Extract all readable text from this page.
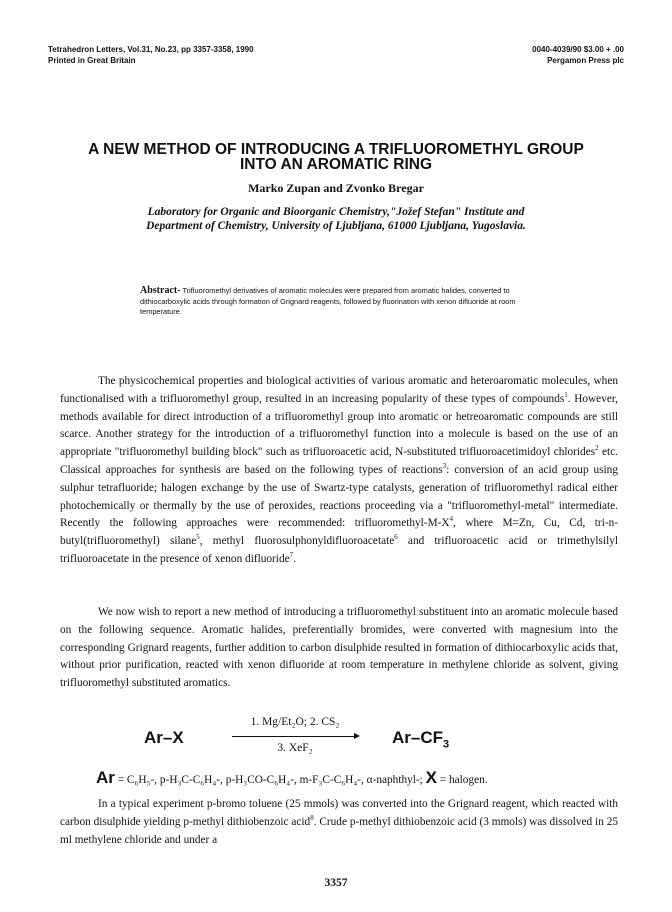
Tetrahedron Letters, Vol.31, No.23, pp 3357-3358, 1990
Printed in Great Britain
0040-4039/90 $3.00 + .00
Pergamon Press plc
A NEW METHOD OF INTRODUCING A TRIFLUOROMETHYL GROUP
INTO AN AROMATIC RING
Marko Zupan and Zvonko Bregar
Laboratory for Organic and Bioorganic Chemistry,"Jožef Stefan" Institute and
Department of Chemistry, University of Ljubljana, 61000 Ljubljana, Yugoslavia.
Abstract- Trifluoromethyl derivatives of aromatic molecules were prepared from aromatic halides, converted to dithiocarboxylic acids through formation of Grignard reagents, followed by fluorination with xenon difluoride at room temperature.
The physicochemical properties and biological activities of various aromatic and heteroaromatic molecules, when functionalised with a trifluoromethyl group, resulted in an increasing popularity of these types of compounds$^1$. However, methods available for direct introduction of a trifluoromethyl group into aromatic or hetreoaromatic compounds are still scarce. Another strategy for the introduction of a trifluoromethyl function into a molecule is based on the use of an appropriate "trifluoromethyl building block" such as trifluoroacetic acid, N-substituted trifluoroacetimidoyl chlorides$^2$ etc. Classical approaches for synthesis are based on the following types of reactions$^3$: conversion of an acid group using sulphur tetrafluoride; halogen exchange by the use of Swartz-type catalysts, generation of trifluoromethyl radical either photochemically or thermally by the use of peroxides, reactions proceeding via a "trifluoromethyl-metal" intermediate. Recently the following approaches were recommended: trifluoromethyl-$M-X^4$, where M=Zn, Cu, Cd, tri-n-butyl(trifluoromethyl) silane$^5$, methyl fluorosulphonyldifluoroacetate$^6$ and trifluoroacetic acid or trimethylsilyl trifluoroacetate in the presence of xenon difluoride$^7$.
We now wish to report a new method of introducing a trifluoromethyl substituent into an aromatic molecule based on the following sequence. Aromatic halides, preferentially bromides, were converted with magnesium into the corresponding Grignard reagents, further addition to carbon disulphide resulted in formation of dithiocarboxylic acids that, without prior purification, reacted with xenon difluoride at room temperature in methylene chloride as solvent, giving trifluoromethyl substituted aromatics.
Ar–X
1. Mg/Et₂O; 2. CS₂
3. XeF₂
$Ar-CF_3$
Ar = C₆H₅-, p-H₃C-C₆H₄-, p-H₃CO-C₆H₄-, m-F₃C-C₆H₄-, α-naphthyl-; X = halogen.
In a typical experiment p-bromo toluene (25 mmols) was converted into the Grignard reagent, which reacted with carbon disulphide yielding p-methyl dithiobenzoic acid$^8$. Crude p-methyl dithiobenzoic acid (3 mmols) was dissolved in 25 ml methylene chloride and under a
3357
